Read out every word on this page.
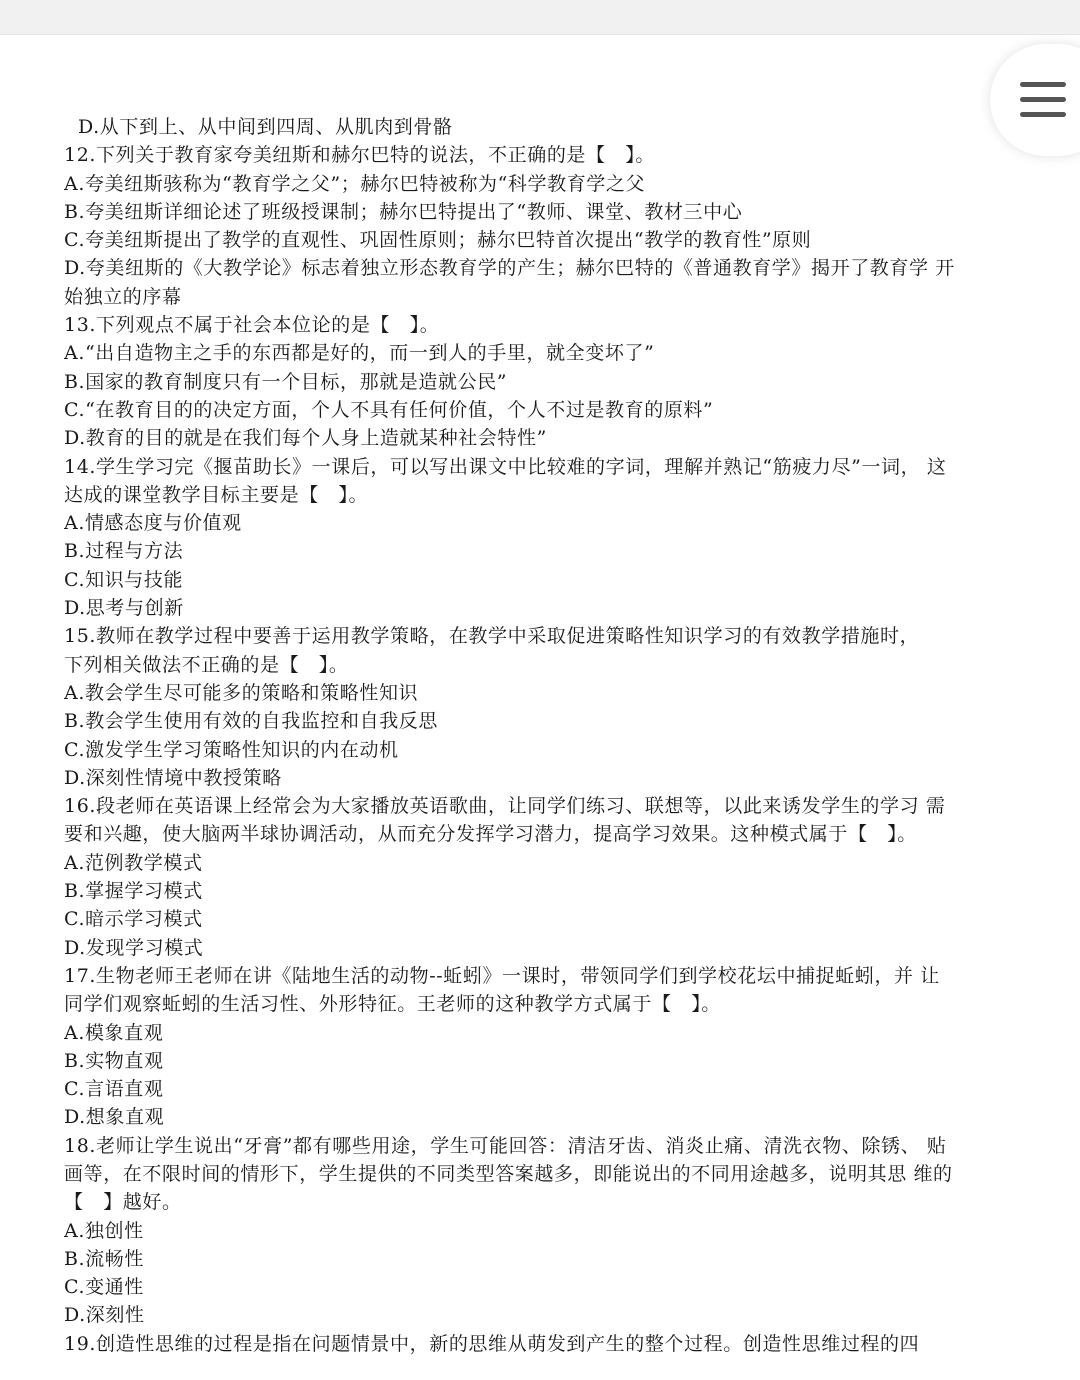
D.从下到上、从中间到四周、从肌肉到骨骼
12.下列关于教育家夸美纽斯和赫尔巴特的说法，不正确的是【　】。
A.夸美纽斯骇称为“教育学之父”；赫尔巴特被称为“科学教育学之父
B.夸美纽斯详细论述了班级授课制；赫尔巴特提出了“教师、课堂、教材三中心
C.夸美纽斯提出了教学的直观性、巩固性原则；赫尔巴特首次提出“教学的教育性”原则
D.夸美纽斯的《大教学论》标志着独立形态教育学的产生；赫尔巴特的《普通教育学》揭开了教育学 开
始独立的序幕
13.下列观点不属于社会本位论的是【　】。
A.“出自造物主之手的东西都是好的，而一到人的手里，就全变坏了”
B.国家的教育制度只有一个目标，那就是造就公民”
C.“在教育目的的决定方面，个人不具有任何价值，个人不过是教育的原料”
D.教育的目的就是在我们每个人身上造就某种社会特性”
14.学生学习完《揠苗助长》一课后，可以写出课文中比较难的字词，理解并熟记“筋疲力尽”一词， 这
达成的课堂教学目标主要是【　】。
A.情感态度与价值观
B.过程与方法
C.知识与技能
D.思考与创新
15.教师在教学过程中要善于运用教学策略，在教学中采取促进策略性知识学习的有效教学措施时，
下列相关做法不正确的是【　】。
A.教会学生尽可能多的策略和策略性知识
B.教会学生使用有效的自我监控和自我反思
C.激发学生学习策略性知识的内在动机
D.深刻性情境中教授策略
16.段老师在英语课上经常会为大家播放英语歌曲，让同学们练习、联想等，以此来诱发学生的学习 需
要和兴趣，使大脑两半球协调活动，从而充分发挥学习潜力，提高学习效果。这种模式属于【　】。
A.范例教学模式
B.掌握学习模式
C.暗示学习模式
D.发现学习模式
17.生物老师王老师在讲《陆地生活的动物--蚯蚓》一课时，带领同学们到学校花坛中捕捉蚯蚓，并 让
同学们观察蚯蚓的生活习性、外形特征。王老师的这种教学方式属于【　】。
A.模象直观
B.实物直观
C.言语直观
D.想象直观
18.老师让学生说出“牙膏”都有哪些用途，学生可能回答：清洁牙齿、消炎止痛、清洗衣物、除锈、 贴
画等，在不限时间的情形下，学生提供的不同类型答案越多，即能说出的不同用途越多，说明其思 维的
【　】越好。
A.独创性
B.流畅性
C.变通性
D.深刻性
19.创造性思维的过程是指在问题情景中，新的思维从萌发到产生的整个过程。创造性思维过程的四
